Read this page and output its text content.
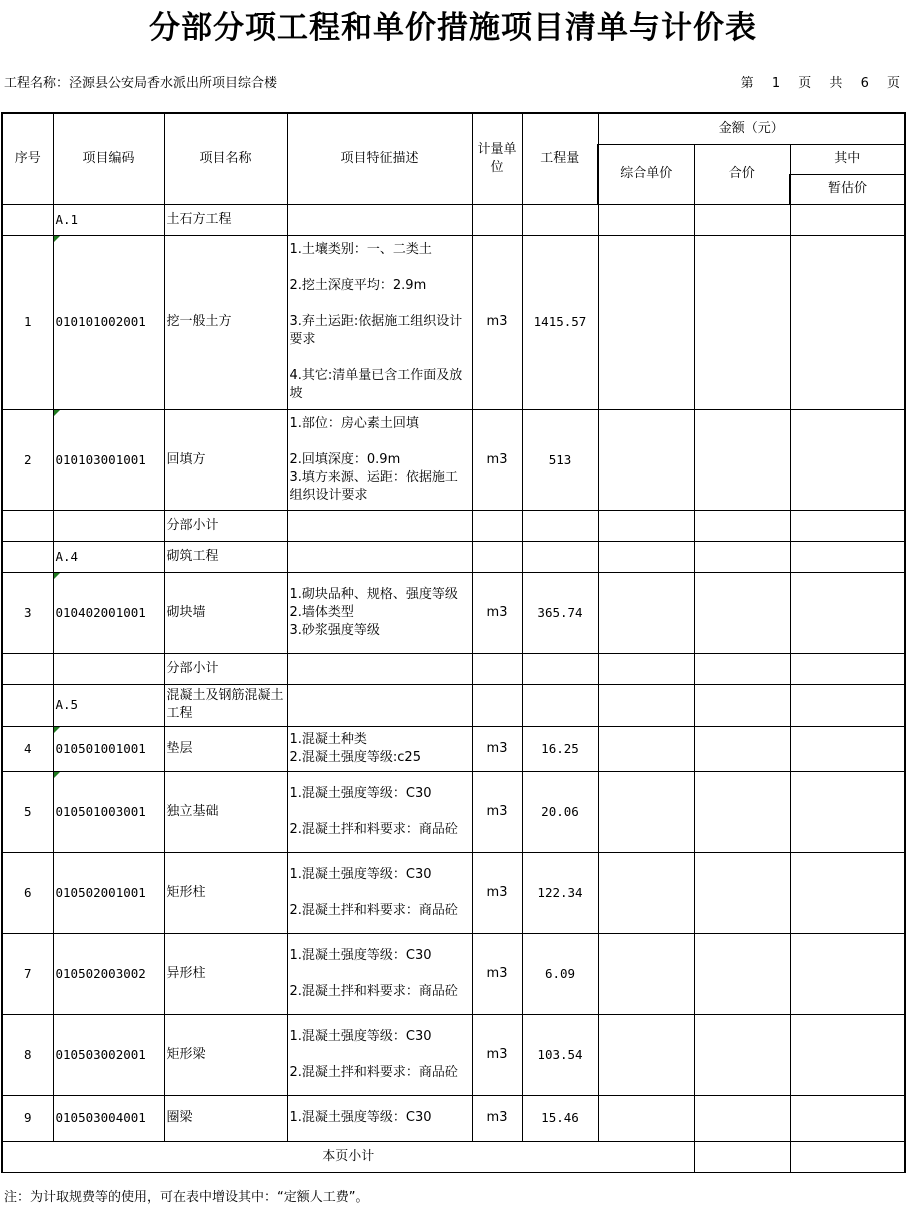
分部分项工程和单价措施项目清单与计价表
工程名称：泾源县公安局香水派出所项目综合楼	第 1 页 共 6 页
序号	项目编码	项目名称	项目特征描述	计量单位	工程量	金额（元）		
						综合单价	合价	其中
								暂估价
	A.1	土石方工程						
1	010101002001	挖一般土方	1.土壤类别：一、二类土
2.挖土深度平均：2.9m
3.弃土运距:依据施工组织设计要求
4.其它:清单量已含工作面及放坡	m3	1415.57			
2	010103001001	回填方	1.部位：房心素土回填
2.回填深度：0.9m
3.填方来源、运距：依据施工组织设计要求	m3	513			
		分部小计						
	A.4	砌筑工程						
3	010402001001	砌块墙	1.砌块品种、规格、强度等级
2.墙体类型
3.砂浆强度等级	m3	365.74			
		分部小计						
	A.5	混凝土及钢筋混凝土工程						
4	010501001001	垫层	1.混凝土种类
2.混凝土强度等级:c25	m3	16.25			
5	010501003001	独立基础	1.混凝土强度等级：C30
2.混凝土拌和料要求：商品砼	m3	20.06			
6	010502001001	矩形柱	1.混凝土强度等级：C30
2.混凝土拌和料要求：商品砼	m3	122.34			
7	010502003002	异形柱	1.混凝土强度等级：C30
2.混凝土拌和料要求：商品砼	m3	6.09			
8	010503002001	矩形梁	1.混凝土强度等级：C30
2.混凝土拌和料要求：商品砼	m3	103.54			
9	010503004001	圈梁	1.混凝土强度等级：C30	m3	15.46			
本页小计								
注：为计取规费等的使用，可在表中增设其中：“定额人工费”。
